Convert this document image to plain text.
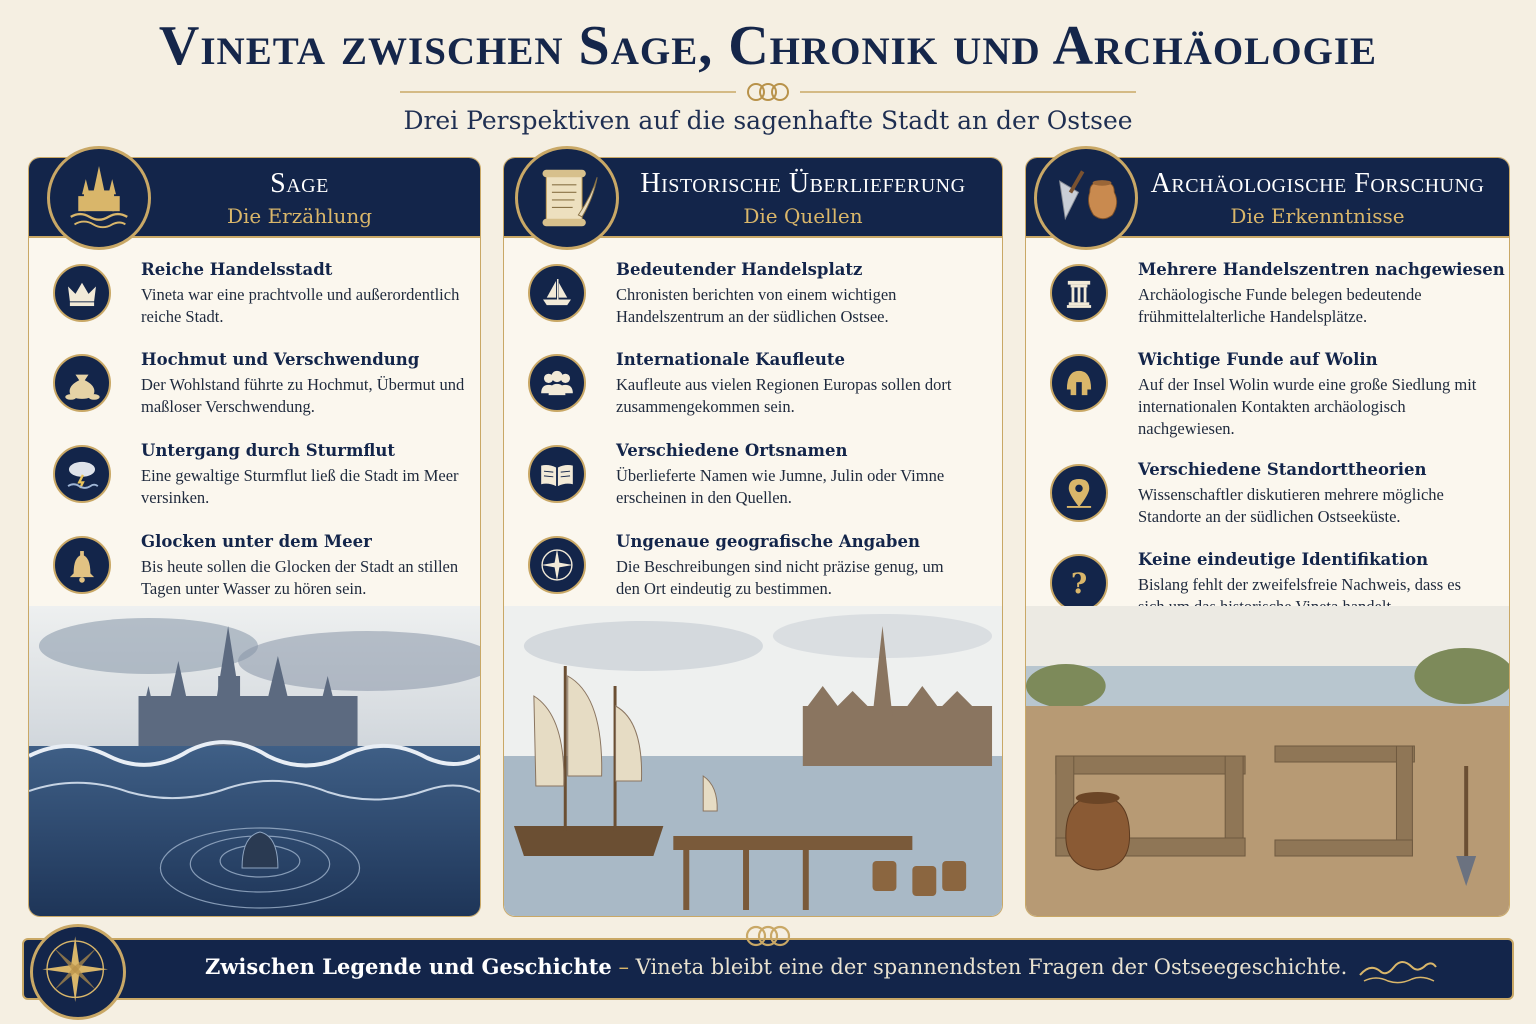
Vineta zwischen Sage, Chronik und Archäologie
Drei Perspektiven auf die sagenhafte Stadt an der Ostsee
Sage
Die Erzählung
Reiche Handelsstadt
Vineta war eine prachtvolle und außerordentlich reiche Stadt.
Hochmut und Verschwendung
Der Wohlstand führte zu Hochmut, Übermut und maßloser Verschwendung.
Untergang durch Sturmflut
Eine gewaltige Sturmflut ließ die Stadt im Meer versinken.
Glocken unter dem Meer
Bis heute sollen die Glocken der Stadt an stillen Tagen unter Wasser zu hören sein.
Historische Überlieferung
Die Quellen
Bedeutender Handelsplatz
Chronisten berichten von einem wichtigen Handelszentrum an der südlichen Ostsee.
Internationale Kaufleute
Kaufleute aus vielen Regionen Europas sollen dort zusammengekommen sein.
Verschiedene Ortsnamen
Überlieferte Namen wie Jumne, Julin oder Vimne erscheinen in den Quellen.
Ungenaue geografische Angaben
Die Beschreibungen sind nicht präzise genug, um den Ort eindeutig zu bestimmen.
Archäologische Forschung
Die Erkenntnisse
Mehrere Handelszentren nachgewiesen
Archäologische Funde belegen bedeutende frühmittelalterliche Handelsplätze.
Wichtige Funde auf Wolin
Auf der Insel Wolin wurde eine große Siedlung mit internationalen Kontakten archäologisch nachgewiesen.
Verschiedene Standorttheorien
Wissenschaftler diskutieren mehrere mögliche Standorte an der südlichen Ostseeküste.
?
Keine eindeutige Identifikation
Bislang fehlt der zweifelsfreie Nachweis, dass es
Zwischen Legende und Geschichte – Vineta bleibt eine der spannendsten Fragen der Ostseegeschichte.
